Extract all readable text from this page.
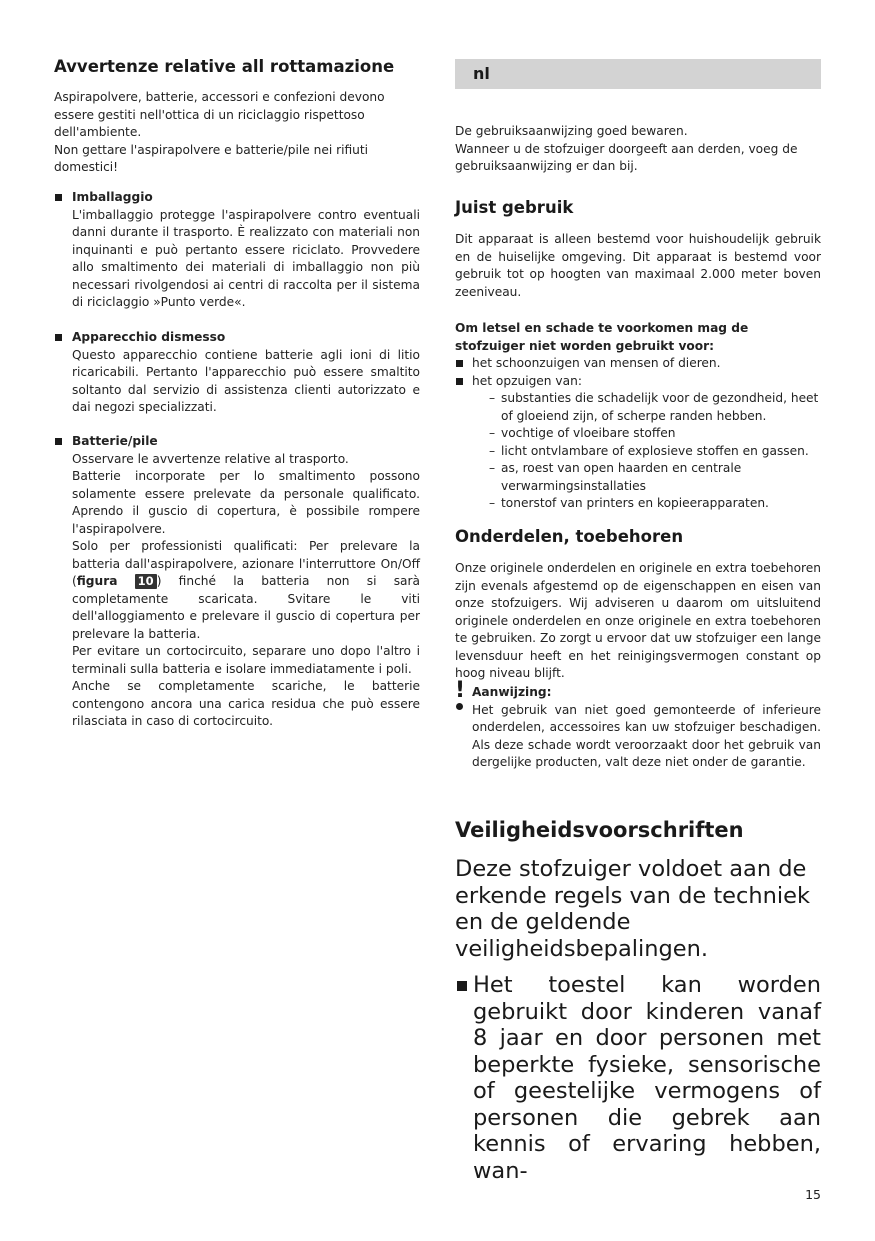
Avvertenze relative all rottamazione

Aspirapolvere, batterie, accessori e confezioni devono essere gestiti nell'ottica di un riciclaggio rispettoso dell'ambiente.

Non gettare l'aspirapolvere e batterie/pile nei rifiuti domestici!

Imballaggio

L'imballaggio protegge l'aspirapolvere contro eventuali danni durante il trasporto. È realizzato con materiali non inquinanti e può pertanto essere riciclato. Provvedere allo smaltimento dei materiali di imballaggio non più necessari rivolgendosi ai centri di raccolta per il sistema di riciclaggio »Punto verde«.

Apparecchio dismesso

Questo apparecchio contiene batterie agli ioni di litio ricaricabili. Pertanto l'apparecchio può essere smaltito soltanto dal servizio di assistenza clienti autorizzato e dai negozi specializzati.

Batterie/pile

Osservare le avvertenze relative al trasporto.

Batterie incorporate per lo smaltimento possono solamente essere prelevate da personale qualificato. Aprendo il guscio di copertura, è possibile rompere l'aspirapolvere.

Solo per professionisti qualificati: Per prelevare la batteria dall'aspirapolvere, azionare l'interruttore On/Off (figura 10 ) finché la batteria non si sarà completamente scaricata. Svitare le viti dell'alloggiamento e prelevare il guscio di copertura per prelevare la batteria.

Per evitare un cortocircuito, separare uno dopo l'altro i terminali sulla batteria e isolare immediatamente i poli.

Anche se completamente scariche, le batterie contengono ancora una carica residua che può essere rilasciata in caso di cortocircuito.

nl

De gebruiksaanwijzing goed bewaren.

Wanneer u de stofzuiger doorgeeft aan derden, voeg de gebruiksaanwijzing er dan bij.

Juist gebruik

Dit apparaat is alleen bestemd voor huishoudelijk gebruik en de huiselijke omgeving. Dit apparaat is bestemd voor gebruik tot op hoogten van maximaal 2.000 meter boven zeeniveau.

Om letsel en schade te voorkomen mag de stofzuiger niet worden gebruikt voor:

het schoonzuigen van mensen of dieren.
het opzuigen van:
– substanties die schadelijk voor de gezondheid, heet of gloeiend zijn, of scherpe randen hebben.
– vochtige of vloeibare stoffen
– licht ontvlambare of explosieve stoffen en gassen.
– as, roest van open haarden en centrale verwarmingsinstallaties
– tonerstof van printers en kopieerapparaten.
Onderdelen, toebehoren

Onze originele onderdelen en originele en extra toebehoren zijn evenals afgestemd op de eigenschappen en eisen van onze stofzuigers. Wij adviseren u daarom om uitsluitend originele onderdelen en onze originele en extra toebehoren te gebruiken. Zo zorgt u ervoor dat uw stofzuiger een lange levensduur heeft en het reinigingsvermogen constant op hoog niveau blijft.

! Aanwijzing:

Het gebruik van niet goed gemonteerde of inferieure onderdelen, accessoires kan uw stofzuiger beschadigen. Als deze schade wordt veroorzaakt door het gebruik van dergelijke producten, valt deze niet onder de garantie.

Veiligheidsvoorschriften

Deze stofzuiger voldoet aan de erkende regels van de techniek en de geldende veiligheidsbepalingen.

Het toestel kan worden gebruikt door kinderen vanaf 8 jaar en door personen met beperkte fysieke, sensorische of geestelijke vermogens of personen die gebrek aan kennis of ervaring hebben, wan-
15
